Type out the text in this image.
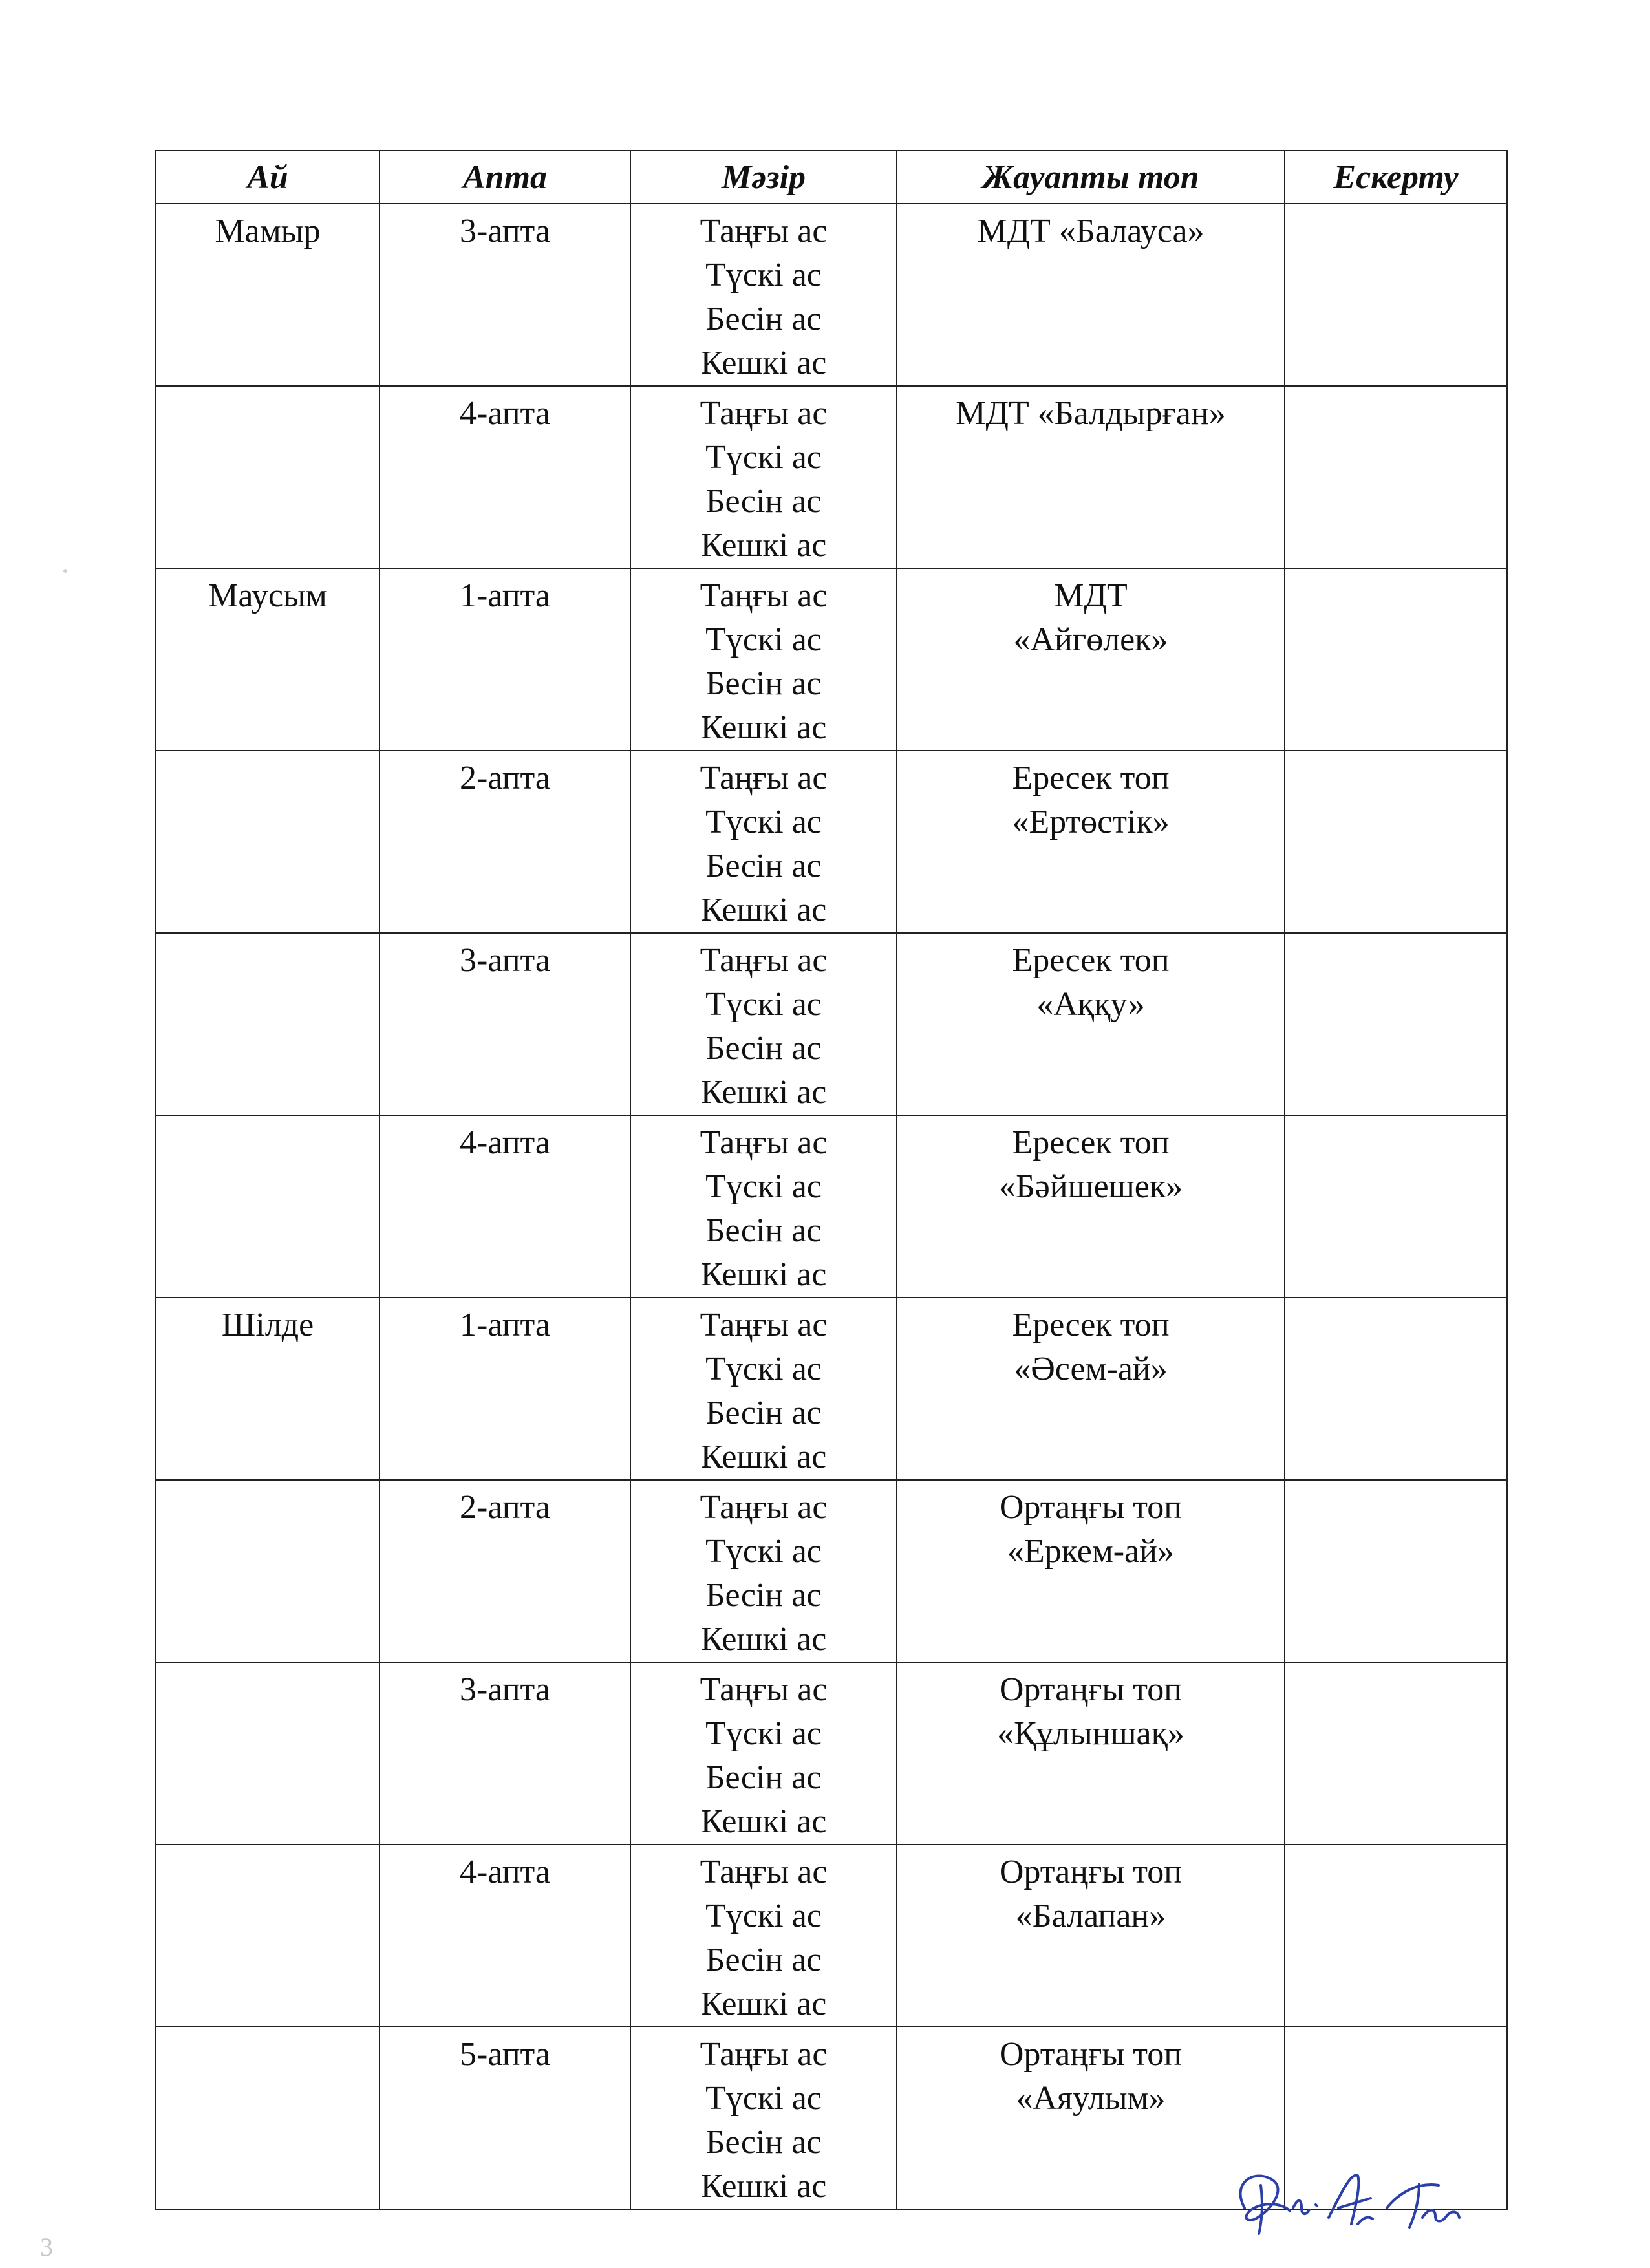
Ай	Апта	Мәзір	Жауапты топ	Ескерту
Мамыр	3-апта	Таңғы ас
Түскі ас
Бесін ас
Кешкі ас	МДТ «Балауса»	

	4-апта	Таңғы ас
Түскі ас
Бесін ас
Кешкі ас	МДТ «Балдырған»	

Маусым	1-апта	Таңғы ас
Түскі ас
Бесін ас
Кешкі ас	МДТ
«Айгөлек»	

	2-апта	Таңғы ас
Түскі ас
Бесін ас
Кешкі ас	Ересек топ
«Ертөстік»	

	3-апта	Таңғы ас
Түскі ас
Бесін ас
Кешкі ас	Ересек топ
«Аққу»	

	4-апта	Таңғы ас
Түскі ас
Бесін ас
Кешкі ас	Ересек топ
«Бәйшешек»	

Шілде	1-апта	Таңғы ас
Түскі ас
Бесін ас
Кешкі ас	Ересек топ
«Әсем-ай»	

	2-апта	Таңғы ас
Түскі ас
Бесін ас
Кешкі ас	Ортаңғы топ
«Еркем-ай»	

	3-апта	Таңғы ас
Түскі ас
Бесін ас
Кешкі ас	Ортаңғы топ
«Құлыншақ»	

	4-апта	Таңғы ас
Түскі ас
Бесін ас
Кешкі ас	Ортаңғы топ
«Балапан»	

	5-апта	Таңғы ас
Түскі ас
Бесін ас
Кешкі ас	Ортаңғы топ
«Аяулым»	

3
